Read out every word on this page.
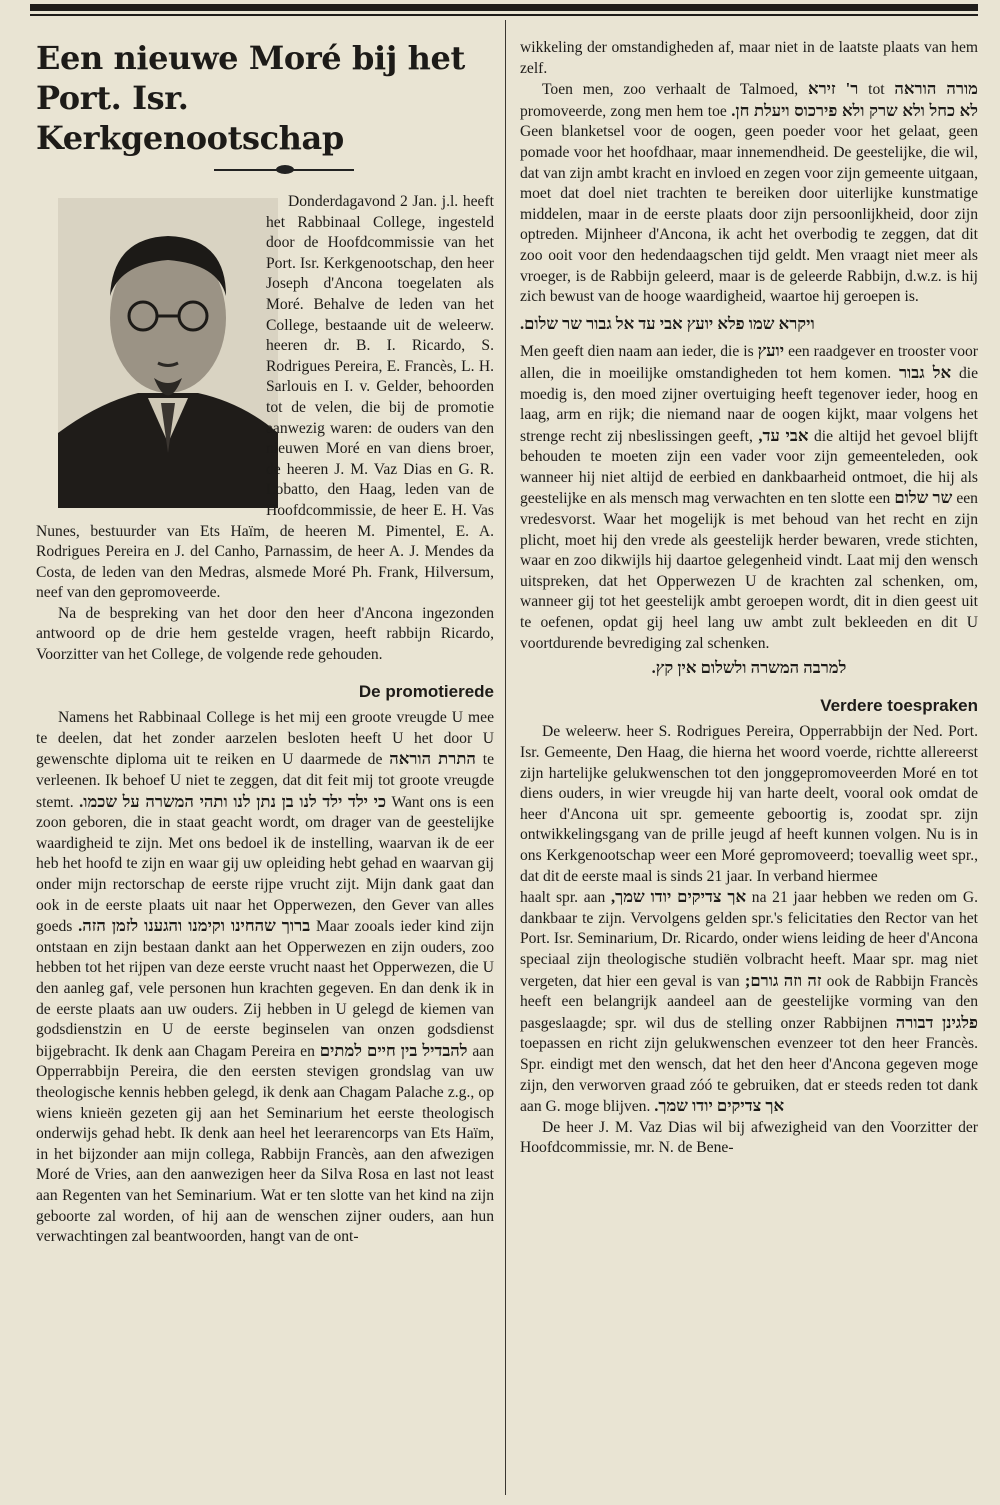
Een nieuwe Moré bij het Port. Isr. Kerkgenootschap

Donderdagavond 2 Jan. j.l. heeft het Rabbinaal College, ingesteld door de Hoofdcommissie van het Port. Isr. Kerkgenootschap, den heer Joseph d'Ancona toegelaten als Moré. Behalve de leden van het College, bestaande uit de weleerw. heeren dr. B. I. Ricardo, S. Rodrigues Pereira, E. Francès, L. H. Sarlouis en I. v. Gelder, behoorden tot de velen, die bij de promotie aanwezig waren: de ouders van den nieuwen Moré en van diens broer, de heeren J. M. Vaz Dias en G. R. Lobatto, den Haag, leden van de Hoofdcommissie, de heer E. H. Vas Nunes, bestuurder van Ets Haïm, de heeren M. Pimentel, E. A. Rodrigues Pereira en J. del Canho, Parnassim, de heer A. J. Mendes da Costa, de leden van den Medras, alsmede Moré Ph. Frank, Hilversum, neef van den gepromoveerde.

Na de bespreking van het door den heer d'Ancona ingezonden antwoord op de drie hem gestelde vragen, heeft rabbijn Ricardo, Voorzitter van het College, de volgende rede gehouden.

De promotierede

Namens het Rabbinaal College is het mij een groote vreugde U mee te deelen, dat het zonder aarzelen besloten heeft U het door U gewenschte diploma uit te reiken en U daarmede de התרת הוראה te verleenen. Ik behoef U niet te zeggen, dat dit feit mij tot groote vreugde stemt. כי ילד ילד לנו בן נתן לנו ותהי המשרה על שכמו. Want ons is een zoon geboren, die in staat geacht wordt, om drager van de geestelijke waardigheid te zijn. Met ons bedoel ik de instelling, waarvan ik de eer heb het hoofd te zijn en waar gij uw opleiding hebt gehad en waarvan gij onder mijn rectorschap de eerste rijpe vrucht zijt. Mijn dank gaat dan ook in de eerste plaats uit naar het Opperwezen, den Gever van alles goeds ברוך שהחינו וקימנו והגענו לזמן הזה. Maar zooals ieder kind zijn ontstaan en zijn bestaan dankt aan het Opperwezen en zijn ouders, zoo hebben tot het rijpen van deze eerste vrucht naast het Opperwezen, die U den aanleg gaf, vele personen hun krachten gegeven. En dan denk ik in de eerste plaats aan uw ouders. Zij hebben in U gelegd de kiemen van godsdienstzin en U de eerste beginselen van onzen godsdienst bijgebracht. Ik denk aan Chagam Pereira en להבדיל בין חיים למתים aan Opperrabbijn Pereira, die den eersten stevigen grondslag van uw theologische kennis hebben gelegd, ik denk aan Chagam Palache z.g., op wiens knieën gezeten gij aan het Seminarium het eerste theologisch onderwijs gehad hebt. Ik denk aan heel het leerarencorps van Ets Haïm, in het bijzonder aan mijn collega, Rabbijn Francès, aan den afwezigen Moré de Vries, aan den aanwezigen heer da Silva Rosa en last not least aan Regenten van het Seminarium. Wat er ten slotte van het kind na zijn geboorte zal worden, of hij aan de wenschen zijner ouders, aan hun verwachtingen zal beantwoorden, hangt van de ont-

wikkeling der omstandigheden af, maar niet in de laatste plaats van hem zelf.

Toen men, zoo verhaalt de Talmoed, ר' זירא tot מורה הוראה promoveerde, zong men hem toe לא כחל ולא שרק ולא פירכוס ויעלת חן. Geen blanketsel voor de oogen, geen poeder voor het gelaat, geen pomade voor het hoofdhaar, maar innemendheid. De geestelijke, die wil, dat van zijn ambt kracht en invloed en zegen voor zijn gemeente uitgaan, moet dat doel niet trachten te bereiken door uiterlijke kunstmatige middelen, maar in de eerste plaats door zijn persoonlijkheid, door zijn optreden. Mijnheer d'Ancona, ik acht het overbodig te zeggen, dat dit zoo ooit voor den hedendaagschen tijd geldt. Men vraagt niet meer als vroeger, is de Rabbijn geleerd, maar is de geleerde Rabbijn, d.w.z. is hij zich bewust van de hooge waardigheid, waartoe hij geroepen is.

ויקרא שמו פלא יועץ אבי עד אל גבור שר שלום.

Men geeft dien naam aan ieder, die is יועץ een raadgever en trooster voor allen, die in moeilijke omstandigheden tot hem komen. אל גבור die moedig is, den moed zijner overtuiging heeft tegenover ieder, hoog en laag, arm en rijk; die niemand naar de oogen kijkt, maar volgens het strenge recht zij nbeslissingen geeft, אבי עד, die altijd het gevoel blijft behouden te moeten zijn een vader voor zijn gemeenteleden, ook wanneer hij niet altijd de eerbied en dankbaarheid ontmoet, die hij als geestelijke en als mensch mag verwachten en ten slotte een שר שלום een vredesvorst. Waar het mogelijk is met behoud van het recht en zijn plicht, moet hij den vrede als geestelijk herder bewaren, vrede stichten, waar en zoo dikwijls hij daartoe gelegenheid vindt. Laat mij den wensch uitspreken, dat het Opperwezen U de krachten zal schenken, om, wanneer gij tot het geestelijk ambt geroepen wordt, dit in dien geest uit te oefenen, opdat gij heel lang uw ambt zult bekleeden en dit U voortdurende bevrediging zal schenken.

למרבה המשרה ולשלום אין קץ.

Verdere toespraken

De weleerw. heer S. Rodrigues Pereira, Opperrabbijn der Ned. Port. Isr. Gemeente, Den Haag, die hierna het woord voerde, richtte allereerst zijn hartelijke gelukwenschen tot den jonggepromoveerden Moré en tot diens ouders, in wier vreugde hij van harte deelt, vooral ook omdat de heer d'Ancona uit spr. gemeente geboortig is, zoodat spr. zijn ontwikkelingsgang van de prille jeugd af heeft kunnen volgen. Nu is in ons Kerkgenootschap weer een Moré gepromoveerd; toevallig weet spr., dat dit de eerste maal is sinds 21 jaar. In verband hiermee

haalt spr. aan אך צדיקים יודו שמך, na 21 jaar hebben we reden om G. dankbaar te zijn. Vervolgens gelden spr.'s felicitaties den Rector van het Port. Isr. Seminarium, Dr. Ricardo, onder wiens leiding de heer d'Ancona speciaal zijn theologische studiën volbracht heeft. Maar spr. mag niet vergeten, dat hier een geval is van זה וזה גורם; ook de Rabbijn Francès heeft een belangrijk aandeel aan de geestelijke vorming van den pasgeslaagde; spr. wil dus de stelling onzer Rabbijnen פלגינן דבורה toepassen en richt zijn gelukwenschen evenzeer tot den heer Francès. Spr. eindigt met den wensch, dat het den heer d'Ancona gegeven moge zijn, den verworven graad zóó te gebruiken, dat er steeds reden tot dank aan G. moge blijven. אך צדיקים יודו שמך.

De heer J. M. Vaz Dias wil bij afwezigheid van den Voorzitter der Hoofdcommissie, mr. N. de Bene-
